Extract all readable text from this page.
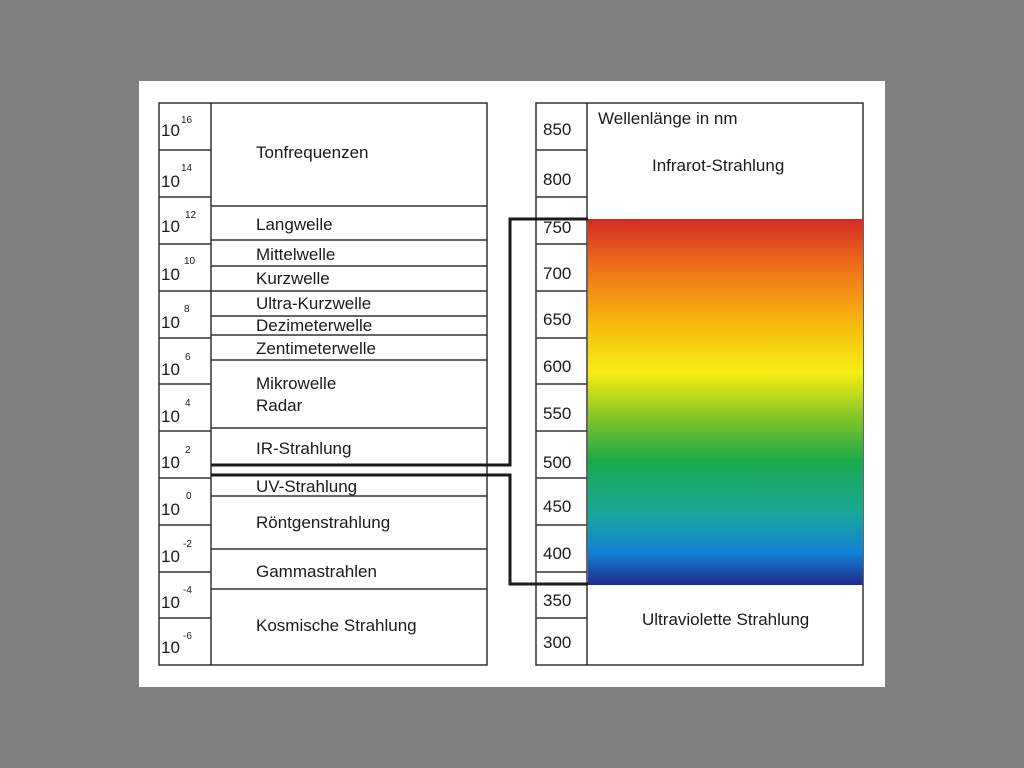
10
16
10
14
10
12
10
10
10
8
10
6
10
4
10
2
10
0
10
-2
10
-4
10
-6
Tonfrequenzen
Langwelle
Mittelwelle
Kurzwelle
Ultra-Kurzwelle
Dezimeterwelle
Zentimeterwelle
Mikrowelle
Radar
IR-Strahlung
UV-Strahlung
Röntgenstrahlung
Gammastrahlen
Kosmische Strahlung
850
800
750
700
650
600
550
500
450
400
350
300
Wellenlänge in nm
Infrarot-Strahlung
Ultraviolette Strahlung
